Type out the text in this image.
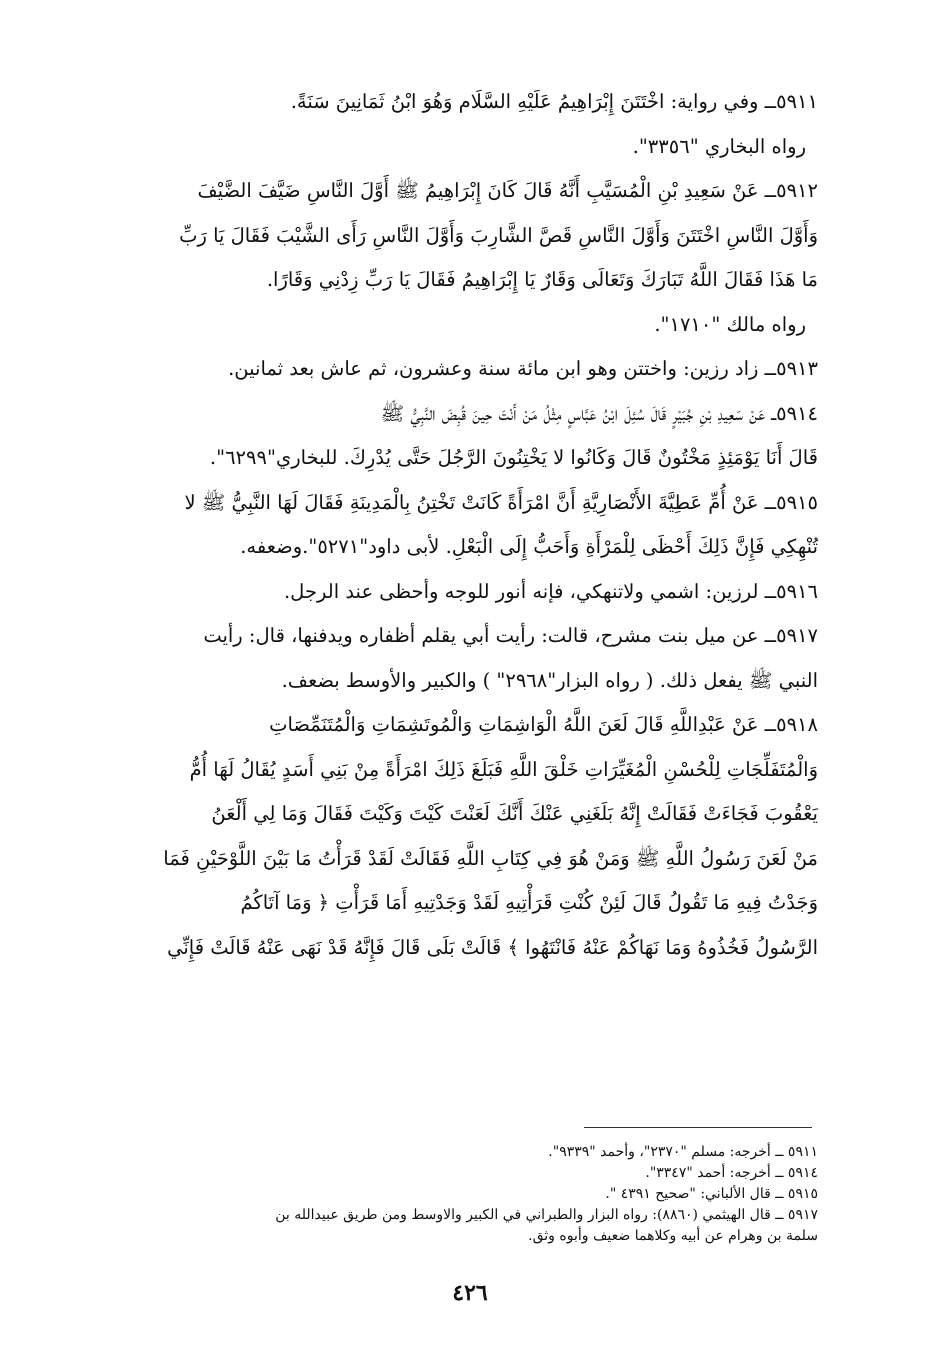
٥٩١١ــ وفي رواية: اخْتَتَنَ إِبْرَاهِيمُ عَلَيْهِ السَّلَام وَهُوَ ابْنُ ثَمَانِينَ سَنَةً.

رواه البخاري "٣٣٥٦".

٥٩١٢ــ عَنْ سَعِيدِ بْنِ الْمُسَيَّبِ أَنَّهُ قَالَ كَانَ إِبْرَاهِيمُ ﷺ أَوَّلَ النَّاسِ ضَيَّفَ الضَّيْفَ

وَأَوَّلَ النَّاسِ اخْتَتَنَ وَأَوَّلَ النَّاسِ قَصَّ الشَّارِبَ وَأَوَّلَ النَّاسِ رَأَى الشَّيْبَ فَقَالَ يَا رَبِّ

مَا هَذَا فَقَالَ اللَّهُ تَبَارَكَ وَتَعَالَى وَقَارٌ يَا إِبْرَاهِيمُ فَقَالَ يَا رَبِّ زِدْنِي وَقَارًا.

رواه مالك "١٧١٠".

٥٩١٣ــ زاد رزين: واختتن وهو ابن مائة سنة وعشرون، ثم عاش بعد ثمانين.

٥٩١٤ــ عَنْ سَعِيدِ بْنِ جُبَيْرٍ قَالَ سُئِلَ ابْنُ عَبَّاسٍ مِثْلُ مَنْ أَنْتَ حِينَ قُبِضَ النَّبِيُّ ﷺ

قَالَ أَنَا يَوْمَئِذٍ مَخْتُونٌ قَالَ وَكَانُوا لا يَخْتِنُونَ الرَّجُلَ حَتَّى يُدْرِكَ. للبخاري"٦٢٩٩".

٥٩١٥ــ عَنْ أُمِّ عَطِيَّةَ الأَنْصَارِيَّةِ أَنَّ امْرَأَةً كَانَتْ تَخْتِنُ بِالْمَدِينَةِ فَقَالَ لَهَا النَّبِيُّ ﷺ لا

تُنْهِكِي فَإِنَّ ذَلِكَ أَحْظَى لِلْمَرْأَةِ وَأَحَبُّ إِلَى الْبَعْلِ. لأبى داود"٥٢٧١".وضعفه.

٥٩١٦ــ لرزين: اشمي ولاتنهكي، فإنه أنور للوجه وأحظى عند الرجل.

٥٩١٧ــ عن ميل بنت مشرح، قالت: رأيت أبي يقلم أظفاره ويدفنها، قال: رأيت

النبي ﷺ يفعل ذلك. ( رواه البزار"٢٩٦٨" ) والكبير والأوسط بضعف.

٥٩١٨ــ عَنْ عَبْدِاللَّهِ قَالَ لَعَنَ اللَّهُ الْوَاشِمَاتِ وَالْمُوتَشِمَاتِ وَالْمُتَنَمِّصَاتِ

وَالْمُتَفَلِّجَاتِ لِلْحُسْنِ الْمُغَيِّرَاتِ خَلْقَ اللَّهِ فَبَلَغَ ذَلِكَ امْرَأَةً مِنْ بَنِي أَسَدٍ يُقَالُ لَهَا أُمُّ

يَعْقُوبَ فَجَاءَتْ فَقَالَتْ إِنَّهُ بَلَغَنِي عَنْكَ أَنَّكَ لَعَنْتَ كَيْتَ وَكَيْتَ فَقَالَ وَمَا لِي أَلْعَنُ

مَنْ لَعَنَ رَسُولُ اللَّهِ ﷺ وَمَنْ هُوَ فِي كِتَابِ اللَّهِ فَقَالَتْ لَقَدْ قَرَأْتُ مَا بَيْنَ اللَّوْحَيْنِ فَمَا

وَجَدْتُ فِيهِ مَا تَقُولُ قَالَ لَئِنْ كُنْتِ قَرَأْتِيهِ لَقَدْ وَجَدْتِيهِ أَمَا قَرَأْتِ ﴿ وَمَا آتَاكُمُ

الرَّسُولُ فَخُذُوهُ وَمَا نَهَاكُمْ عَنْهُ فَانْتَهُوا ﴾ قَالَتْ بَلَى قَالَ فَإِنَّهُ قَدْ نَهَى عَنْهُ قَالَتْ فَإِنِّي

٥٩١١ ــ أخرجه: مسلم "٢٣٧٠"، وأحمد "٩٣٣٩".

٥٩١٤ ــ أخرجه: أحمد "٣٣٤٧".

٥٩١٥ ــ قال الألباني: "صحيح ٤٣٩١ ".

٥٩١٧ ــ قال الهيثمي (٨٨٦٠): رواه البزار والطبراني في الكبير والاوسط ومن طريق عبيدالله بن

سلمة بن وهرام عن أبيه وكلاهما ضعيف وأبوه وثق.

٤٢٦
